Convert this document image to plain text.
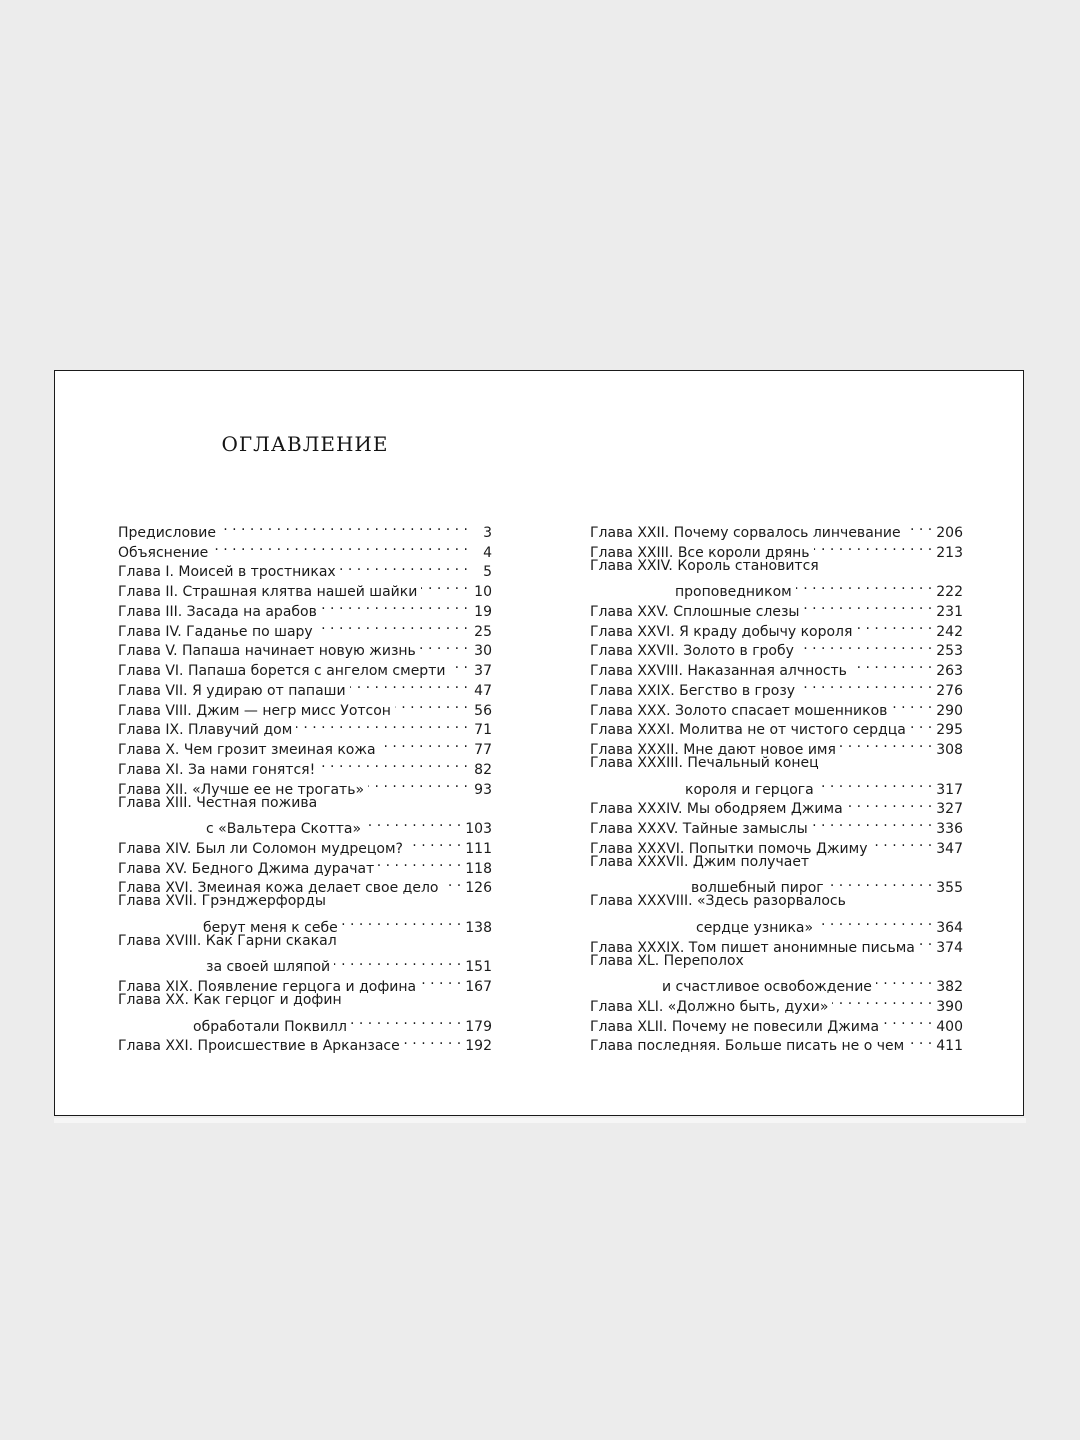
ОГЛАВЛЕНИЕ
Предисловие . . .	3
Объяснение . . .	4
Глава I. Моисей в тростниках . . .	5
Глава II. Страшная клятва нашей шайки . . .	10
Глава III. Засада на арабов . . .	19
Глава IV. Гаданье по шару . . .	25
Глава V. Папаша начинает новую жизнь . . .	30
Глава VI. Папаша борется с ангелом смерти . . . 37
Глава VII. Я удираю от папаши . . .	47
Глава VIII. Джим — негр мисс Уотсон . . .	56
Глава IX. Плавучий дом . . .	71
Глава X. Чем грозит змеиная кожа . . .	77
Глава XI. За нами гонятся! . . .	82
Глава XII. «Лучше ее не трогать» . . .	93
Глава XIII. Честная пожива
с «Вальтера Скотта» . . .	103
Глава XIV. Был ли Соломон мудрецом? . . .	111
Глава XV. Бедного Джима дурачат . . .	118
Глава XVI. Змеиная кожа делает свое дело . . . 126
Глава XVII. Грэнджерфорды
берут меня к себе . . .	138
Глава XVIII. Как Гарни скакал
за своей шляпой . . .	151
Глава XIX. Появление герцога и дофина . . .	167
Глава XX. Как герцог и дофин
обработали Поквилл . . .	179
Глава XXI. Происшествие в Арканзасе . . .	192
Глава XXII. Почему сорвалось линчевание . . .	206
Глава XXIII. Все короли дрянь . . .	213
Глава XXIV. Король становится
проповедником . . .	222
Глава XXV. Сплошные слезы . . .	231
Глава XXVI. Я краду добычу короля . . .	242
Глава XXVII. Золото в гробу . . .	253
Глава XXVIII. Наказанная алчность . . .	263
Глава XXIX. Бегство в грозу . . .	276
Глава XXX. Золото спасает мошенников . . .	290
Глава XXXI. Молитва не от чистого сердца . . . 295
Глава XXXII. Мне дают новое имя . . .	308
Глава XXXIII. Печальный конец
короля и герцога . . .	317
Глава XXXIV. Мы ободряем Джима . . .	327
Глава XXXV. Тайные замыслы . . .	336
Глава XXXVI. Попытки помочь Джиму . . .	347
Глава XXXVII. Джим получает
волшебный пирог . . .	355
Глава XXXVIII. «Здесь разорвалось
сердце узника» . . .	364
Глава XXXIX. Том пишет анонимные письма . . . 374
Глава XL. Переполох
и счастливое освобождение . . .	382
Глава XLI. «Должно быть, духи» . . .	390
Глава XLII. Почему не повесили Джима . . .	400
Глава последняя. Больше писать не о чем . . . 411
